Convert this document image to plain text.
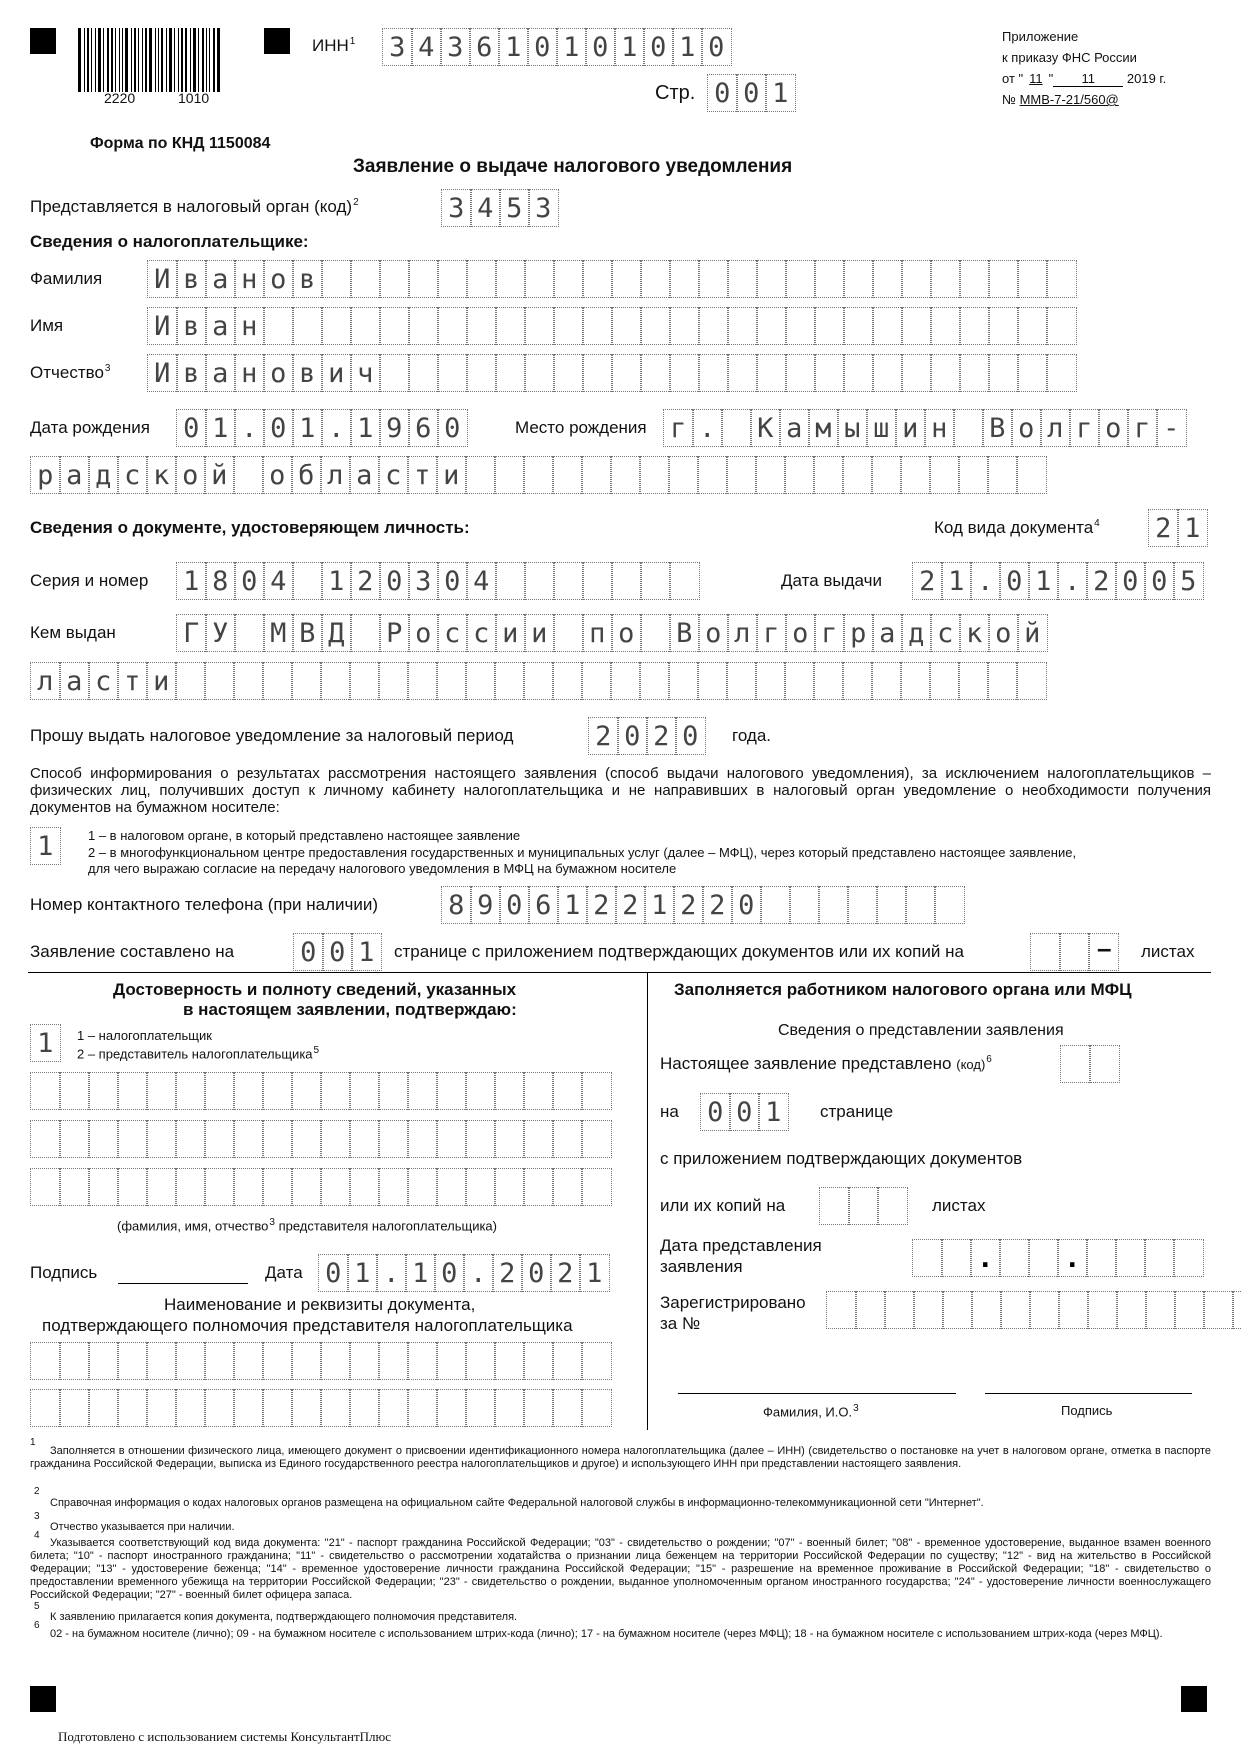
2220	1010
ИНН$^1$ 3 4 3 6 1 0 1 0 1 0 1 0
Стр. 0 0 1
Приложение
к приказу ФНС России
от " 11 " 11 2019 г.
№ ММВ-7-21/560@
Форма по КНД 1150084
Заявление о выдаче налогового уведомления
Представляется в налоговый орган (код)$^2$	3 4 5 3
Сведения о налогоплательщике:
Фамилия И в а н о в
Имя	И в а н
Отчество$^3$ И в а н о в и ч
Дата рождения 0 1 . 0 1 . 1 9 6 0	Место рождения г . К а м ы ш и н В о л г о г -
р а д с к о й о б л а с т и
Сведения о документе, удостоверяющем личность:	Код вида документа$^4$ 2 1
Серия и номер 1 8 0 4 1 2 0 3 0 4	Дата выдачи 2 1 . 0 1 . 2 0 0 5
Кем выдан Г У М В Д Р о с с и и п о В о л г о г р а д с к о й
л а с т и
Прошу выдать налоговое уведомление за налоговый период	2 0 2 0	года.
Способ информирования о результатах рассмотрения настоящего заявления (способ выдачи налогового уведомления), за исключением налогоплательщиков – физических лиц, получивших доступ к личному кабинету налогоплательщика и не направивших в налоговый орган уведомление о необходимости получения документов на бумажном носителе:
1	1 – в налоговом органе, в который представлено настоящее заявление
2 – в многофункциональном центре предоставления государственных и муниципальных услуг (далее – МФЦ), через который представлено настоящее заявление,
для чего выражаю согласие на передачу налогового уведомления в МФЦ на бумажном носителе
Номер контактного телефона (при наличии)	8 9 0 6 1 2 2 1 2 2 0
Заявление составлено на 0 0 1	странице с приложением подтверждающих документов или их копий на	– листах
Достоверность и полноту сведений, указанных
в настоящем заявлении, подтверждаю:
1	1 – налогоплательщик
2 – представитель налогоплательщика$^5$
(фамилия, имя, отчество$^3$ представителя налогоплательщика)
Подпись	Дата 0 1 . 1 0 . 2 0 2 1
Наименование и реквизиты документа,
подтверждающего полномочия представителя налогоплательщика
Заполняется работником налогового органа или МФЦ
Сведения о представлении заявления
Настоящее заявление представлено (код)$^6$
на 0 0 1	странице
с приложением подтверждающих документов
или их копий на	листах
Дата представления
заявления	.	.
Зарегистрировано
за №
Фамилия, И.О.$^3$	Подпись
1
Заполняется в отношении физического лица, имеющего документ о присвоении идентификационного номера налогоплательщика (далее – ИНН) (свидетельство о постановке на учет в налоговом органе, отметка в паспорте гражданина Российской Федерации, выписка из Единого государственного реестра налогоплательщиков и другое) и использующего ИНН при представлении настоящего заявления.
2
Справочная информация о кодах налоговых органов размещена на официальном сайте Федеральной налоговой службы в информационно-телекоммуникационной сети "Интернет".
3
Отчество указывается при наличии.
4
Указывается соответствующий код вида документа: "21" - паспорт гражданина Российской Федерации; "03" - свидетельство о рождении; "07" - военный билет; "08" - временное удостоверение, выданное взамен военного билета; "10" - паспорт иностранного гражданина; "11" - свидетельство о рассмотрении ходатайства о признании лица беженцем на территории Российской Федерации по существу; "12" - вид на жительство в Российской Федерации; "13" - удостоверение беженца; "14" - временное удостоверение личности гражданина Российской Федерации; "15" - разрешение на временное проживание в Российской Федерации; "18" - свидетельство о предоставлении временного убежища на территории Российской Федерации; "23" - свидетельство о рождении, выданное уполномоченным органом иностранного государства; "24" - удостоверение личности военнослужащего Российской Федерации; "27" - военный билет офицера запаса.
5
К заявлению прилагается копия документа, подтверждающего полномочия представителя.
6
02 - на бумажном носителе (лично); 09 - на бумажном носителе с использованием штрих-кода (лично); 17 - на бумажном носителе (через МФЦ); 18 - на бумажном носителе с использованием штрих-кода (через МФЦ).
Подготовлено с использованием системы КонсультантПлюс
